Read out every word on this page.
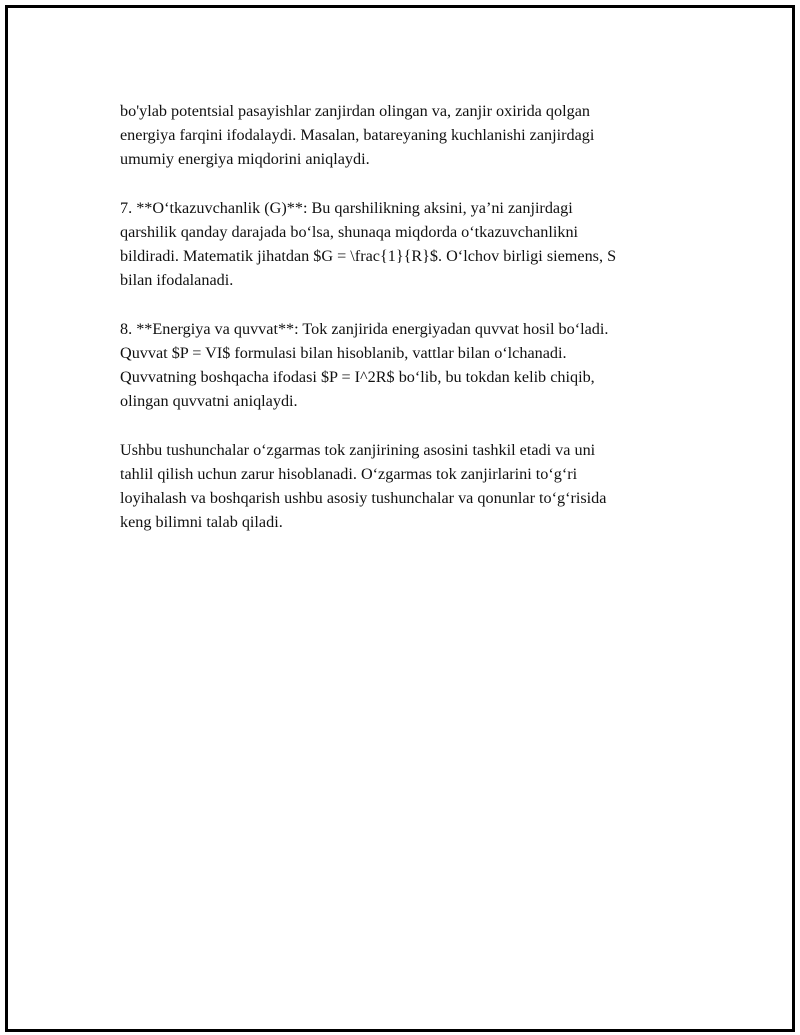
bo'ylab potentsial pasayishlar zanjirdan olingan va, zanjir oxirida qolgan
energiya farqini ifodalaydi. Masalan, batareyaning kuchlanishi zanjirdagi
umumiy energiya miqdorini aniqlaydi.

7. **O‘tkazuvchanlik (G)**: Bu qarshilikning aksini, ya’ni zanjirdagi
qarshilik qanday darajada bo‘lsa, shunaqa miqdorda o‘tkazuvchanlikni
bildiradi. Matematik jihatdan $G = \frac{1}{R}$. O‘lchov birligi siemens, S
bilan ifodalanadi.

8. **Energiya va quvvat**: Tok zanjirida energiyadan quvvat hosil bo‘ladi.
Quvvat $P = VI$ formulasi bilan hisoblanib, vattlar bilan o‘lchanadi.
Quvvatning boshqacha ifodasi $P = I^2R$ bo‘lib, bu tokdan kelib chiqib,
olingan quvvatni aniqlaydi.

Ushbu tushunchalar o‘zgarmas tok zanjirining asosini tashkil etadi va uni
tahlil qilish uchun zarur hisoblanadi. O‘zgarmas tok zanjirlarini to‘g‘ri
loyihalash va boshqarish ushbu asosiy tushunchalar va qonunlar to‘g‘risida
keng bilimni talab qiladi.
